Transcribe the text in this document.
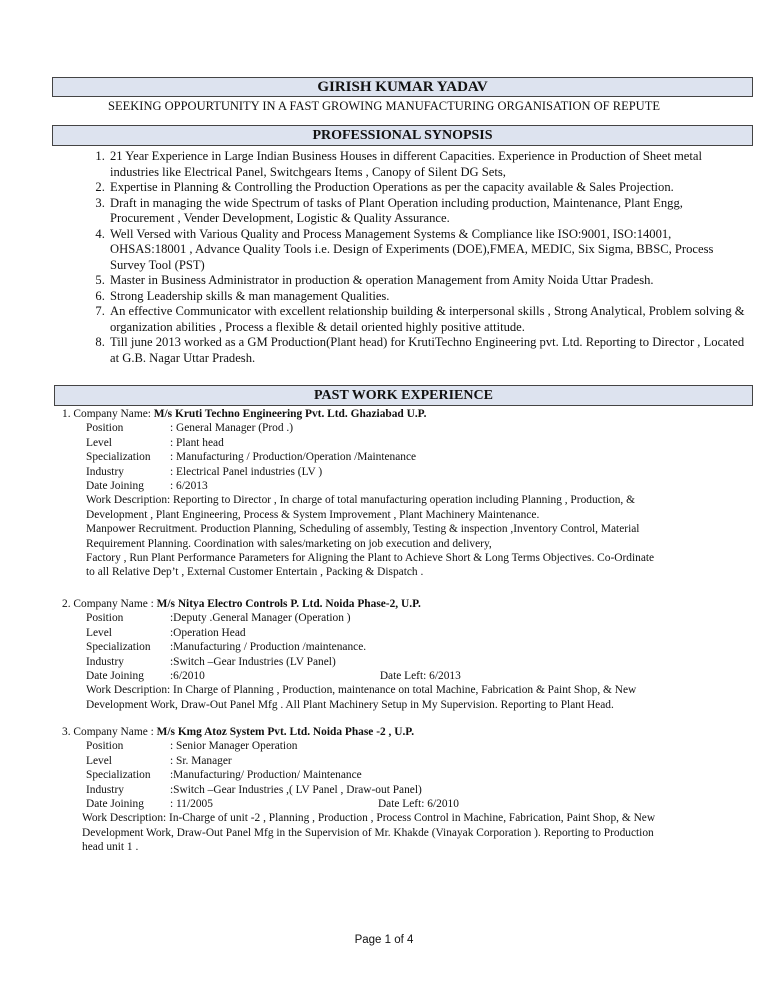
GIRISH KUMAR YADAV
SEEKING OPPOURTUNITY IN A FAST GROWING MANUFACTURING ORGANISATION OF REPUTE
PROFESSIONAL SYNOPSIS
1. 21 Year Experience in Large Indian Business Houses in different Capacities. Experience in Production of Sheet metal industries like Electrical Panel, Switchgears Items , Canopy of Silent DG Sets,
2. Expertise in Planning & Controlling the Production Operations as per the capacity available & Sales Projection.
3. Draft in managing the wide Spectrum of tasks of Plant Operation including production, Maintenance, Plant Engg, Procurement , Vender Development, Logistic & Quality Assurance.
4. Well Versed with Various Quality and Process Management Systems & Compliance like ISO:9001, ISO:14001, OHSAS:18001 , Advance Quality Tools i.e. Design of Experiments (DOE),FMEA, MEDIC, Six Sigma, BBSC, Process Survey Tool (PST)
5. Master in Business Administrator in production & operation Management from Amity Noida Uttar Pradesh.
6. Strong Leadership skills & man management Qualities.
7. An effective Communicator with excellent relationship building & interpersonal skills , Strong Analytical, Problem solving & organization abilities , Process a flexible & detail oriented highly positive attitude.
8. Till june 2013 worked as a GM Production(Plant head) for KrutiTechno Engineering pvt. Ltd. Reporting to Director , Located at G.B. Nagar Uttar Pradesh.
PAST WORK EXPERIENCE
1. Company Name: M/s Kruti Techno Engineering Pvt. Ltd. Ghaziabad U.P.
Position	: General Manager (Prod .)
Level	: Plant head
Specialization : Manufacturing / Production/Operation /Maintenance
Industry	: Electrical Panel industries (LV )
Date Joining : 6/2013
Work Description: Reporting to Director , In charge of total manufacturing operation including Planning , Production, &
Development , Plant Engineering, Process & System Improvement , Plant Machinery Maintenance.
Manpower Recruitment. Production Planning, Scheduling of assembly, Testing & inspection ,Inventory Control, Material
Requirement Planning. Coordination with sales/marketing on job execution and delivery,
Factory , Run Plant Performance Parameters for Aligning the Plant to Achieve Short & Long Terms Objectives. Co-Ordinate
to all Relative Dep’t , External Customer Entertain , Packing & Dispatch .
2. Company Name : M/s Nitya Electro Controls P. Ltd. Noida Phase-2, U.P.
Position	:Deputy .General Manager (Operation )
Level	:Operation Head
Specialization :Manufacturing / Production /maintenance.
Industry	:Switch –Gear Industries (LV Panel)
Date Joining :6/2010	Date Left: 6/2013
Work Description: In Charge of Planning , Production, maintenance on total Machine, Fabrication & Paint Shop, & New
Development Work, Draw-Out Panel Mfg . All Plant Machinery Setup in My Supervision. Reporting to Plant Head.
3. Company Name : M/s Kmg Atoz System Pvt. Ltd. Noida Phase -2 , U.P.
Position	: Senior Manager Operation
Level	: Sr. Manager
Specialization :Manufacturing/ Production/ Maintenance
Industry	:Switch –Gear Industries ,( LV Panel , Draw-out Panel)
Date Joining : 11/2005	Date Left: 6/2010
Work Description: In-Charge of unit -2 , Planning , Production , Process Control in Machine, Fabrication, Paint Shop, & New
Development Work, Draw-Out Panel Mfg in the Supervision of Mr. Khakde (Vinayak Corporation ). Reporting to Production
head unit 1 .
Page 1 of 4
